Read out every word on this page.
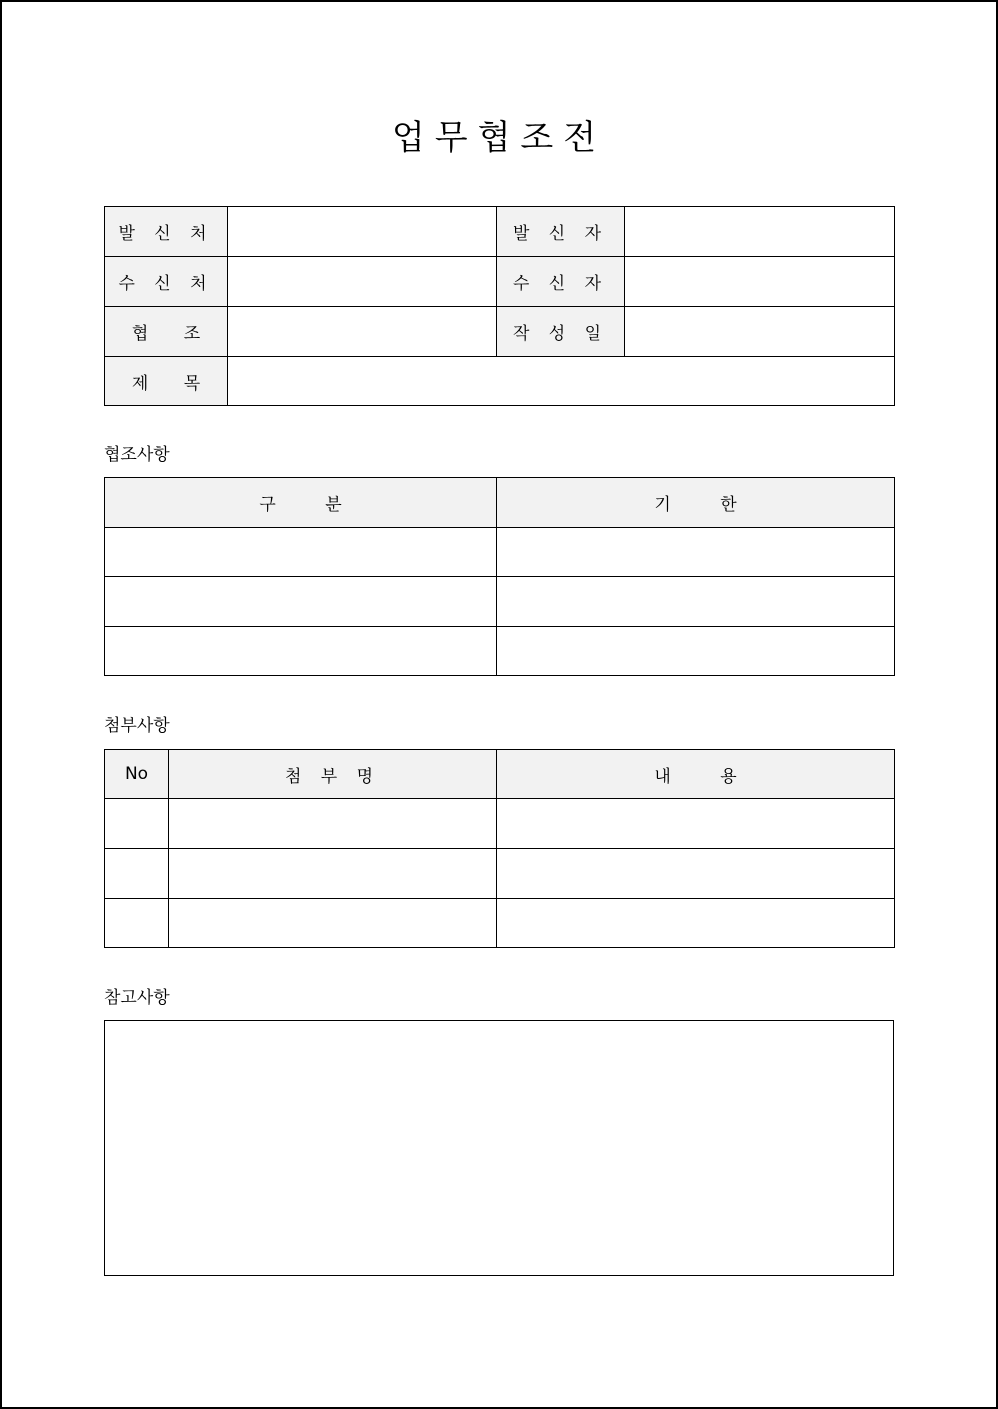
업무협조전
발 신 처		발 신 자	
수 신 처		수 신 자	
협 조		작 성 일	
제 목			
협조사항
구 분	기 한

첨부사항
No	첨 부 명	내 용

참고사항
